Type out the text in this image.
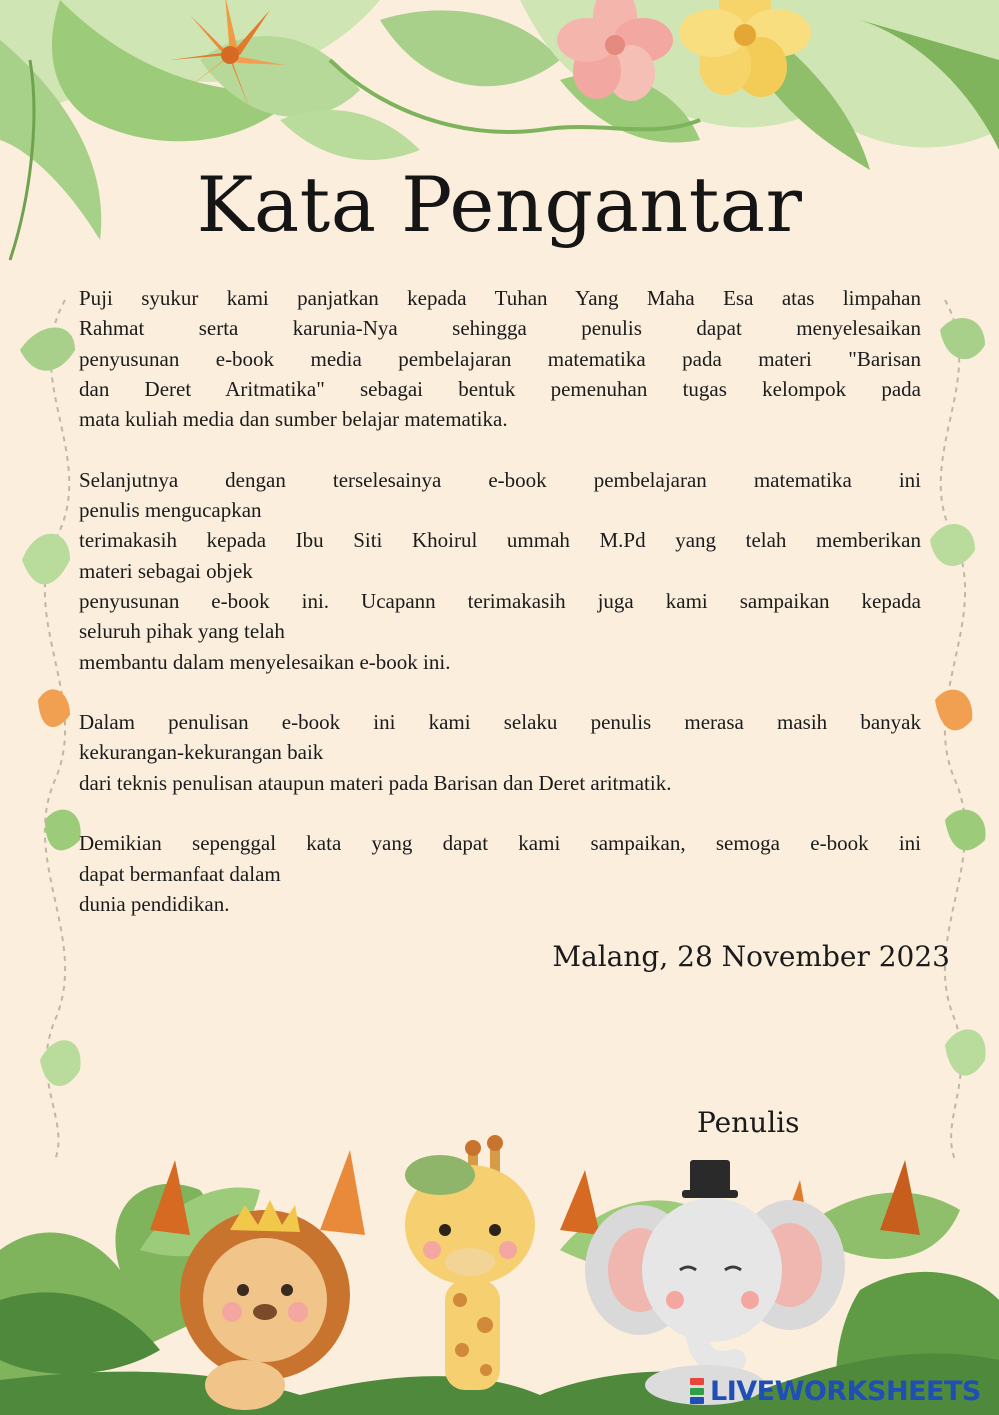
Kata Pengantar
Puji syukur kami panjatkan kepada Tuhan Yang Maha Esa atas limpahan
Rahmat serta karunia-Nya sehingga penulis dapat menyelesaikan
penyusunan e-book media pembelajaran matematika pada materi "Barisan
dan Deret Aritmatika" sebagai bentuk pemenuhan tugas kelompok pada
mata kuliah media dan sumber belajar matematika.
Selanjutnya dengan terselesainya e-book pembelajaran matematika ini
penulis mengucapkan
terimakasih kepada Ibu Siti Khoirul ummah M.Pd yang telah memberikan
materi sebagai objek
penyusunan e-book ini. Ucapann terimakasih juga kami sampaikan kepada
seluruh pihak yang telah
membantu dalam menyelesaikan e-book ini.
Dalam penulisan e-book ini kami selaku penulis merasa masih banyak
kekurangan-kekurangan baik
dari teknis penulisan ataupun materi pada Barisan dan Deret aritmatik.
Demikian sepenggal kata yang dapat kami sampaikan, semoga e-book ini
dapat bermanfaat dalam
dunia pendidikan.
Malang, 28 November 2023
Penulis
LIVEWORKSHEETS
